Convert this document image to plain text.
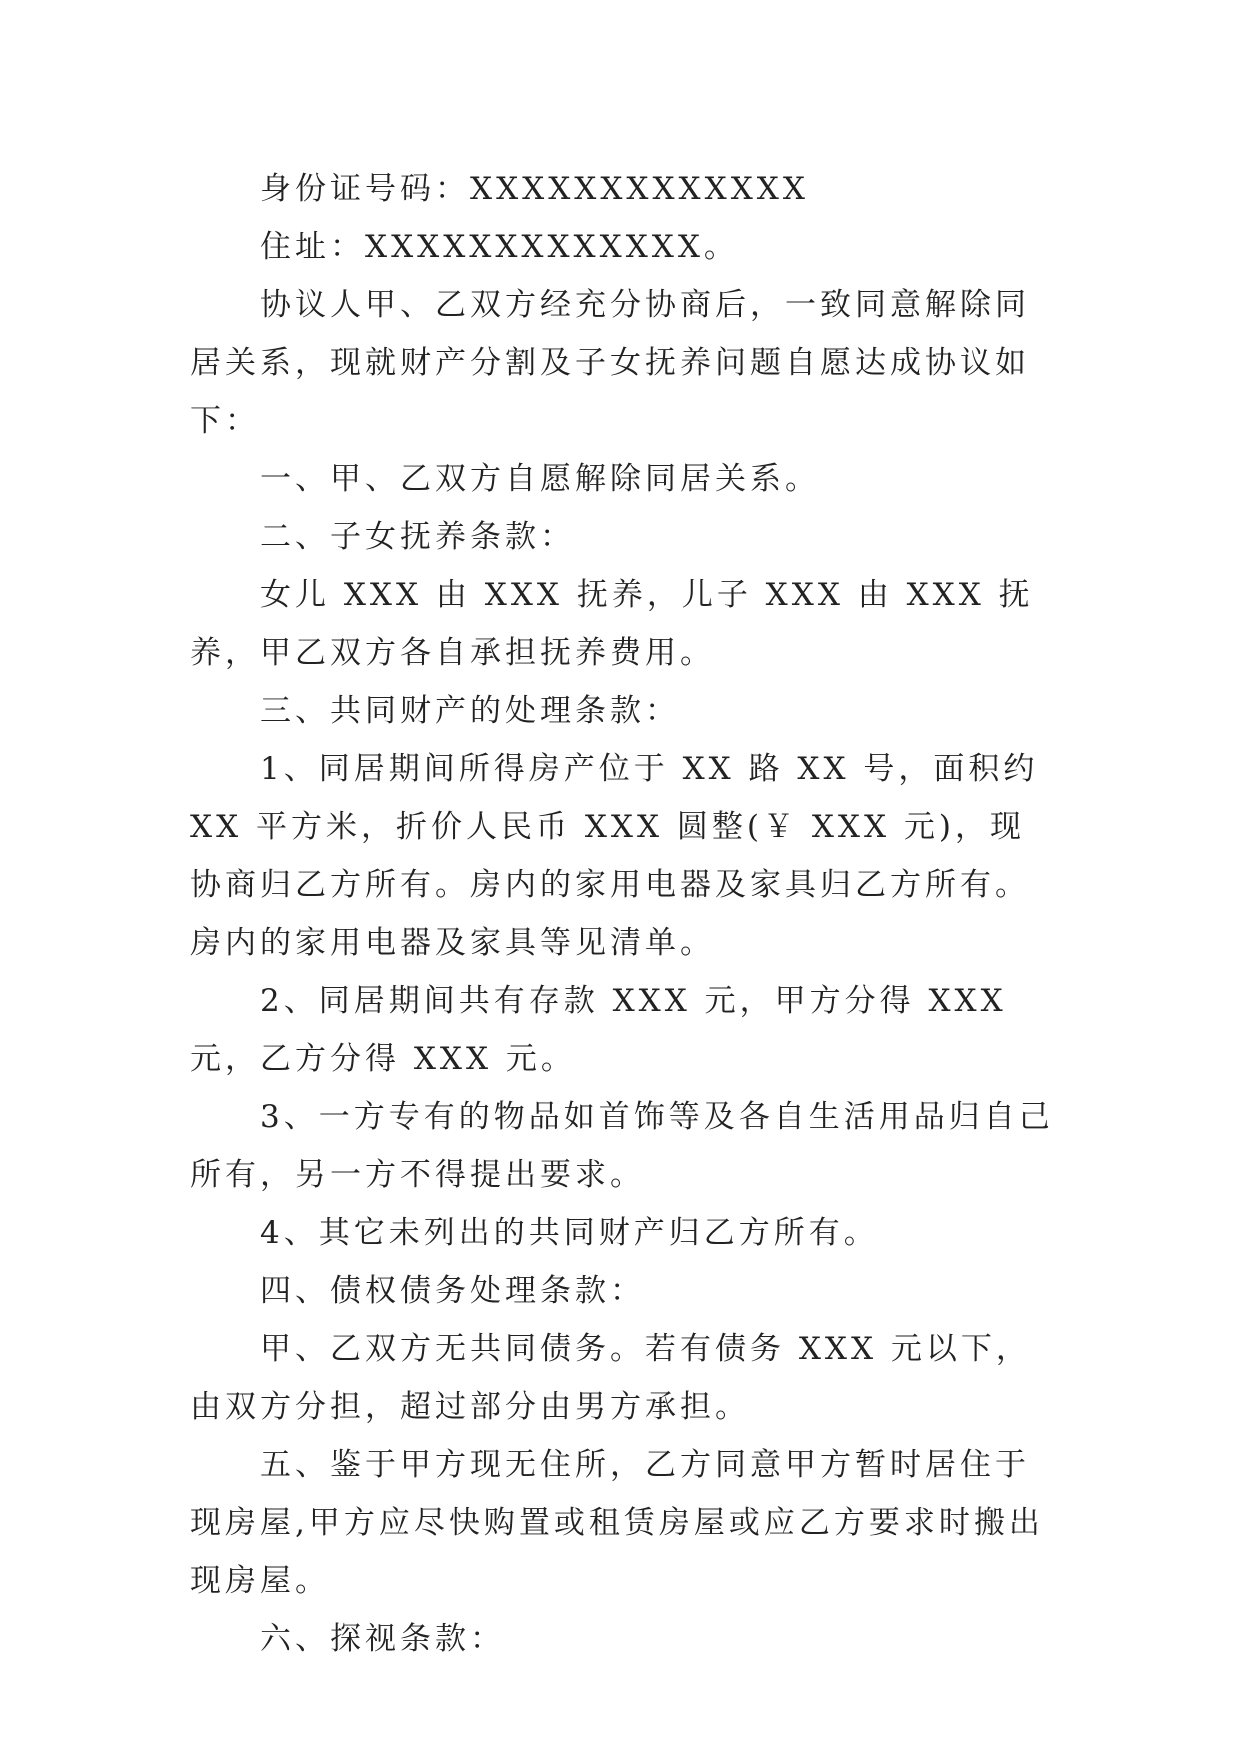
身份证号码：XXXXXXXXXXXXX

住址：XXXXXXXXXXXXX。

协议人甲、乙双方经充分协商后，一致同意解除同居关系，现就财产分割及子女抚养问题自愿达成协议如下：

一、甲、乙双方自愿解除同居关系。

二、子女抚养条款：

女儿 XXX 由 XXX 抚养，儿子 XXX 由 XXX 抚养，甲乙双方各自承担抚养费用。

三、共同财产的处理条款：

1、同居期间所得房产位于 XX 路 XX 号，面积约 XX 平方米，折价人民币 XXX 圆整(￥ XXX 元)，现协商归乙方所有。房内的家用电器及家具归乙方所有。房内的家用电器及家具等见清单。

2、同居期间共有存款 XXX 元，甲方分得 XXX 元，乙方分得 XXX 元。

3、一方专有的物品如首饰等及各自生活用品归自己所有，另一方不得提出要求。

4、其它未列出的共同财产归乙方所有。

四、债权债务处理条款：

甲、乙双方无共同债务。若有债务 XXX 元以下，由双方分担，超过部分由男方承担。

五、鉴于甲方现无住所，乙方同意甲方暂时居住于现房屋,甲方应尽快购置或租赁房屋或应乙方要求时搬出现房屋。

六、探视条款：
